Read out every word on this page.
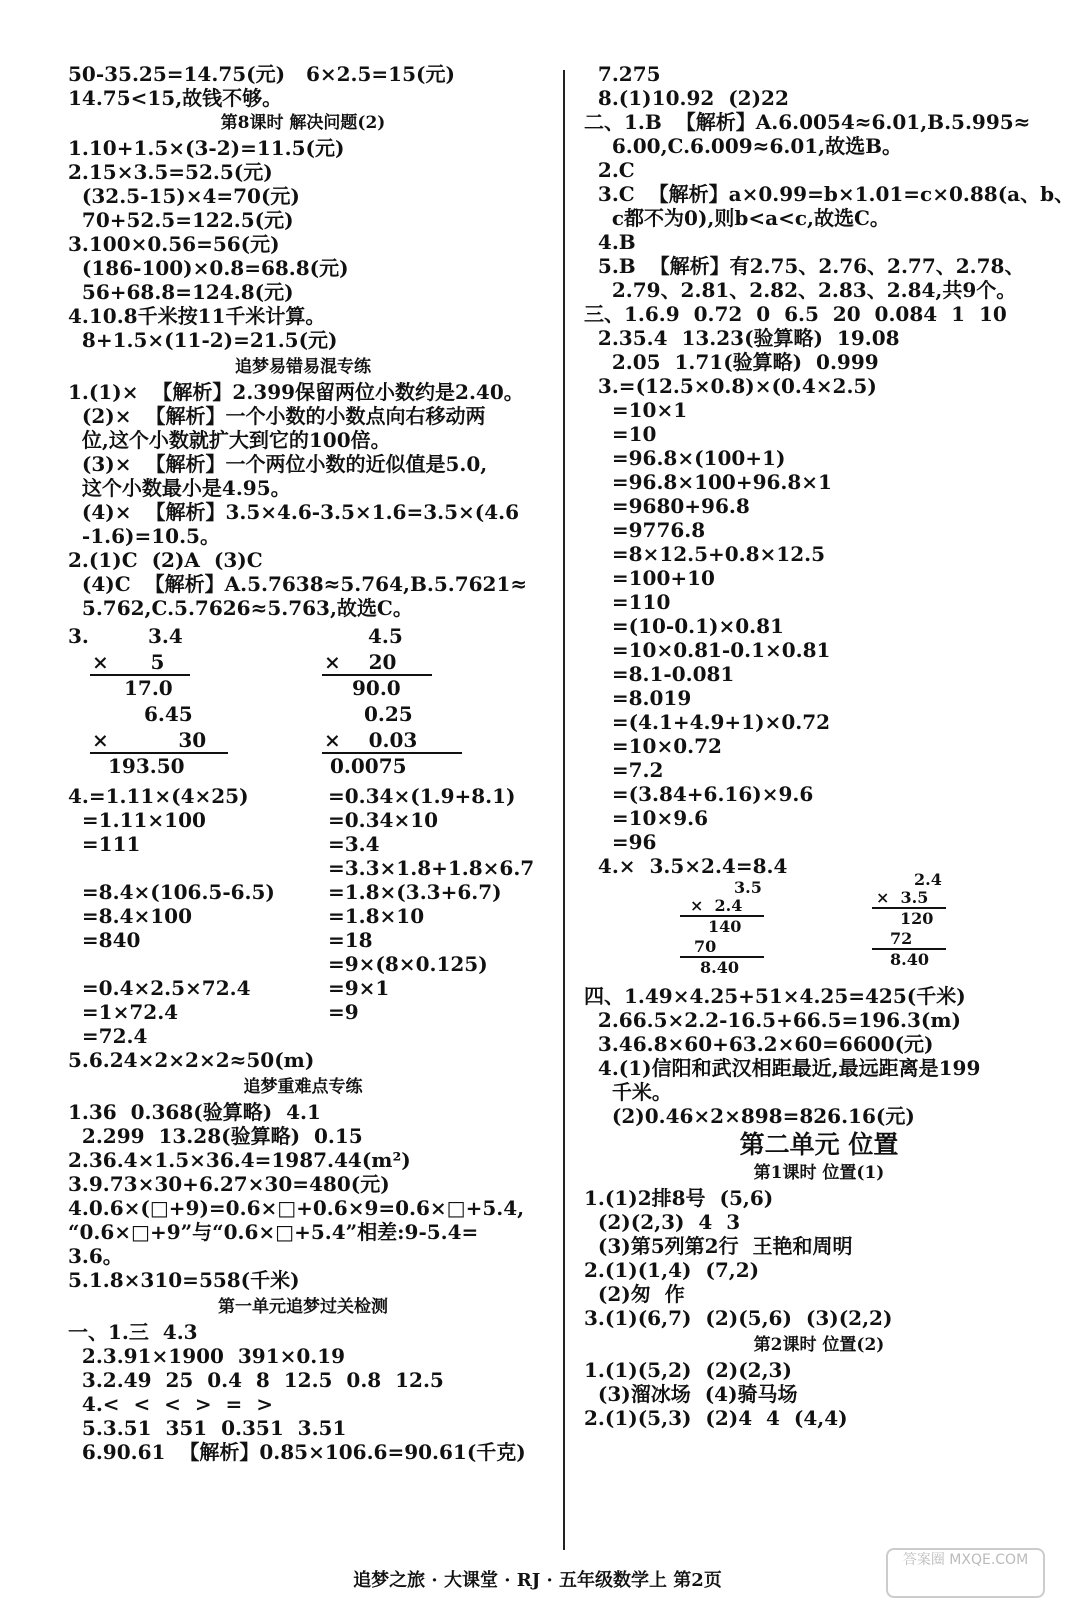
50-35.25=14.75(元)   6×2.5=15(元)
14.75<15,故钱不够。
第8课时 解决问题(2)
1.10+1.5×(3-2)=11.5(元)
2.15×3.5=52.5(元)
(32.5-15)×4=70(元)
70+52.5=122.5(元)
3.100×0.56=56(元)
(186-100)×0.8=68.8(元)
56+68.8=124.8(元)
4.10.8千米按11千米计算。
8+1.5×(11-2)=21.5(元)
追梦易错易混专练
1.(1)×  【解析】2.399保留两位小数约是2.40。
(2)×  【解析】一个小数的小数点向右移动两
位,这个小数就扩大到它的100倍。
(3)×  【解析】一个两位小数的近似值是5.0,
这个小数最小是4.95。
(4)×  【解析】3.5×4.6-3.5×1.6=3.5×(4.6
-1.6)=10.5。
2.(1)C  (2)A  (3)C
(4)C  【解析】A.5.7638≈5.764,B.5.7621≈
5.762,C.5.7626≈5.763,故选C。
3.	3.4
×      5
17.0
4.5
×    20
90.0
6.45
×          30
193.50
0.25
×    0.03
0.0075
4.=1.11×(4×25)
=1.11×100
=111
=8.4×(106.5-6.5)
=8.4×100
=840
=0.4×2.5×72.4
=1×72.4
=72.4
=0.34×(1.9+8.1)
=0.34×10
=3.4
=3.3×1.8+1.8×6.7
=1.8×(3.3+6.7)
=1.8×10
=18
=9×(8×0.125)
=9×1
=9
5.6.24×2×2×2≈50(m)
追梦重难点专练
1.36  0.368(验算略)  4.1
2.299  13.28(验算略)  0.15
2.36.4×1.5×36.4=1987.44(m²)
3.9.73×30+6.27×30=480(元)
4.0.6×(□+9)=0.6×□+0.6×9=0.6×□+5.4,
“0.6×□+9”与“0.6×□+5.4”相差:9-5.4=
3.6。
5.1.8×310=558(千米)
第一单元追梦过关检测
一、1.三  4.3
2.3.91×1900  391×0.19
3.2.49  25  0.4  8  12.5  0.8  12.5
4.<  <  <  >  =  >
5.3.51  351  0.351  3.51
6.90.61  【解析】0.85×106.6=90.61(千克)
7.275
8.(1)10.92  (2)22
二、1.B  【解析】A.6.0054≈6.01,B.5.995≈
6.00,C.6.009≈6.01,故选B。
2.C
3.C  【解析】a×0.99=b×1.01=c×0.88(a、b、
c都不为0),则b<a<c,故选C。
4.B
5.B  【解析】有2.75、2.76、2.77、2.78、
2.79、2.81、2.82、2.83、2.84,共9个。
三、1.6.9  0.72  0  6.5  20  0.084  1  10
2.35.4  13.23(验算略)  19.08
2.05  1.71(验算略)  0.999
3.=(12.5×0.8)×(0.4×2.5)
=10×1
=10
=96.8×(100+1)
=96.8×100+96.8×1
=9680+96.8
=9776.8
=8×12.5+0.8×12.5
=100+10
=110
=(10-0.1)×0.81
=10×0.81-0.1×0.81
=8.1-0.081
=8.019
=(4.1+4.9+1)×0.72
=10×0.72
=7.2
=(3.84+6.16)×9.6
=10×9.6
=96
4.×  3.5×2.4=8.4
3.5
×  2.4
140
70
8.40
2.4
×  3.5
120
72
8.40
四、1.49×4.25+51×4.25=425(千米)
2.66.5×2.2-16.5+66.5=196.3(m)
3.46.8×60+63.2×60=6600(元)
4.(1)信阳和武汉相距最近,最远距离是199
千米。
(2)0.46×2×898=826.16(元)
第二单元 位置
第1课时 位置(1)
1.(1)2排8号  (5,6)
(2)(2,3)  4  3
(3)第5列第2行  王艳和周明
2.(1)(1,4)  (7,2)
(2)匆  作
3.(1)(6,7)  (2)(5,6)  (3)(2,2)
第2课时 位置(2)
1.(1)(5,2)  (2)(2,3)
(3)溜冰场  (4)骑马场
2.(1)(5,3)  (2)4  4  (4,4)
追梦之旅 · 大课堂 · RJ · 五年级数学上 第2页
答案圈 MXQE.COM
